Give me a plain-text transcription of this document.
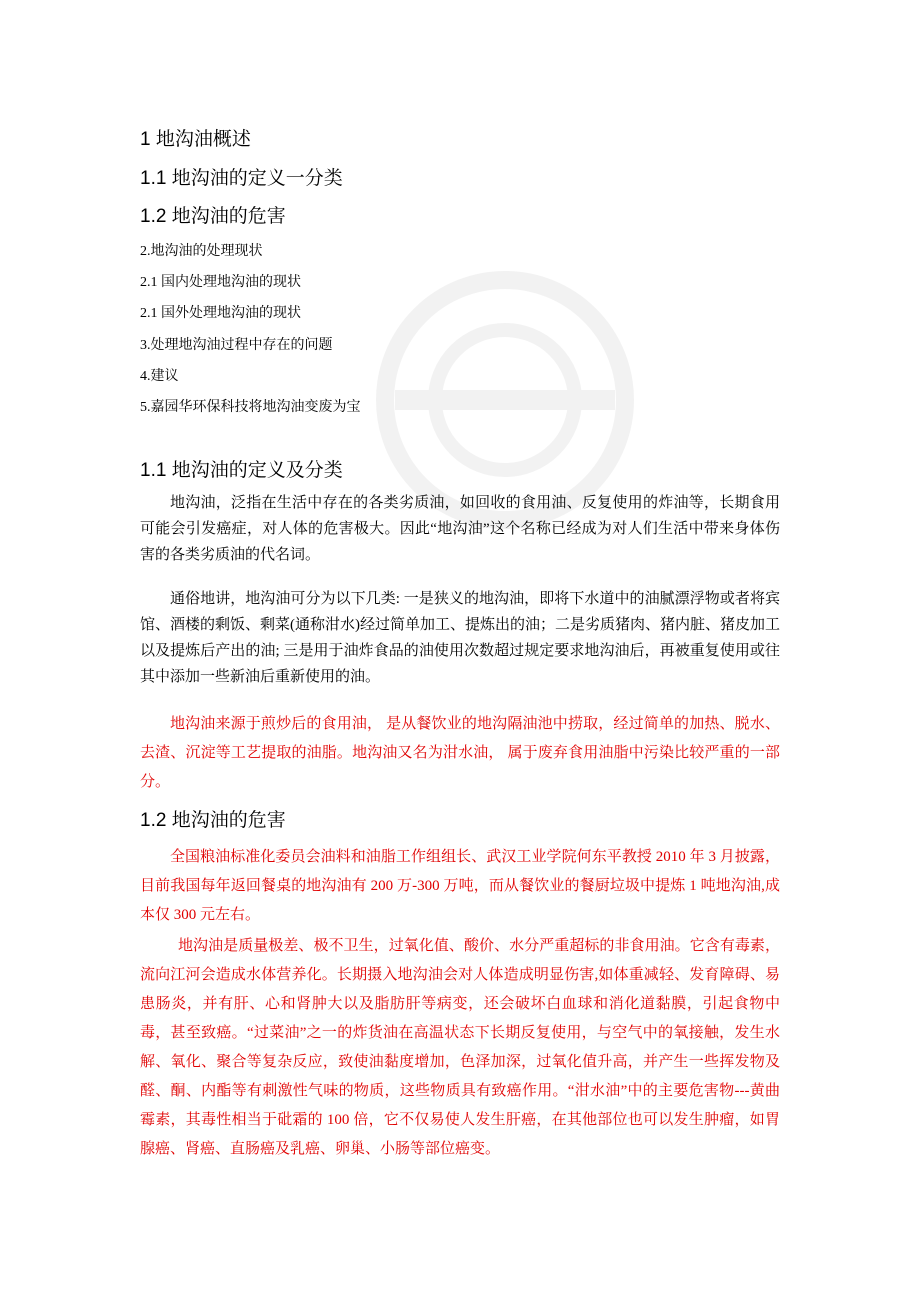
1 地沟油概述
1.1 地沟油的定义一分类
1.2 地沟油的危害
2.地沟油的处理现状
2.1 国内处理地沟油的现状
2.1 国外处理地沟油的现状
3.处理地沟油过程中存在的问题
4.建议
5.嘉园华环保科技将地沟油变废为宝
1.1 地沟油的定义及分类

地沟油，泛指在生活中存在的各类劣质油，如回收的食用油、反复使用的炸油等，长期食用可能会引发癌症，对人体的危害极大。因此“地沟油”这个名称已经成为对人们生活中带来身体伤害的各类劣质油的代名词。

通俗地讲，地沟油可分为以下几类: 一是狭义的地沟油，即将下水道中的油腻漂浮物或者将宾馆、酒楼的剩饭、剩菜(通称泔水)经过简单加工、提炼出的油；二是劣质猪肉、猪内脏、猪皮加工以及提炼后产出的油; 三是用于油炸食品的油使用次数超过规定要求地沟油后，再被重复使用或往其中添加一些新油后重新使用的油。

地沟油来源于煎炒后的食用油， 是从餐饮业的地沟隔油池中捞取，经过简单的加热、脱水、去渣、沉淀等工艺提取的油脂。地沟油又名为泔水油， 属于废弃食用油脂中污染比较严重的一部分。

1.2 地沟油的危害

全国粮油标准化委员会油料和油脂工作组组长、武汉工业学院何东平教授 2010 年 3 月披露，目前我国每年返回餐桌的地沟油有 200 万-300 万吨，而从餐饮业的餐厨垃圾中提炼 1 吨地沟油,成本仅 300 元左右。

地沟油是质量极差、极不卫生，过氧化值、酸价、水分严重超标的非食用油。它含有毒素，流向江河会造成水体营养化。长期摄入地沟油会对人体造成明显伤害,如体重减轻、发育障碍、易患肠炎，并有肝、心和肾肿大以及脂肪肝等病变，还会破坏白血球和消化道黏膜，引起食物中毒，甚至致癌。“过菜油”之一的炸货油在高温状态下长期反复使用，与空气中的氧接触，发生水解、氧化、聚合等复杂反应，致使油黏度增加，色泽加深，过氧化值升高，并产生一些挥发物及醛、酮、内酯等有刺激性气味的物质，这些物质具有致癌作用。“泔水油”中的主要危害物---黄曲霉素，其毒性相当于砒霜的 100 倍，它不仅易使人发生肝癌，在其他部位也可以发生肿瘤，如胃腺癌、肾癌、直肠癌及乳癌、卵巢、小肠等部位癌变。
